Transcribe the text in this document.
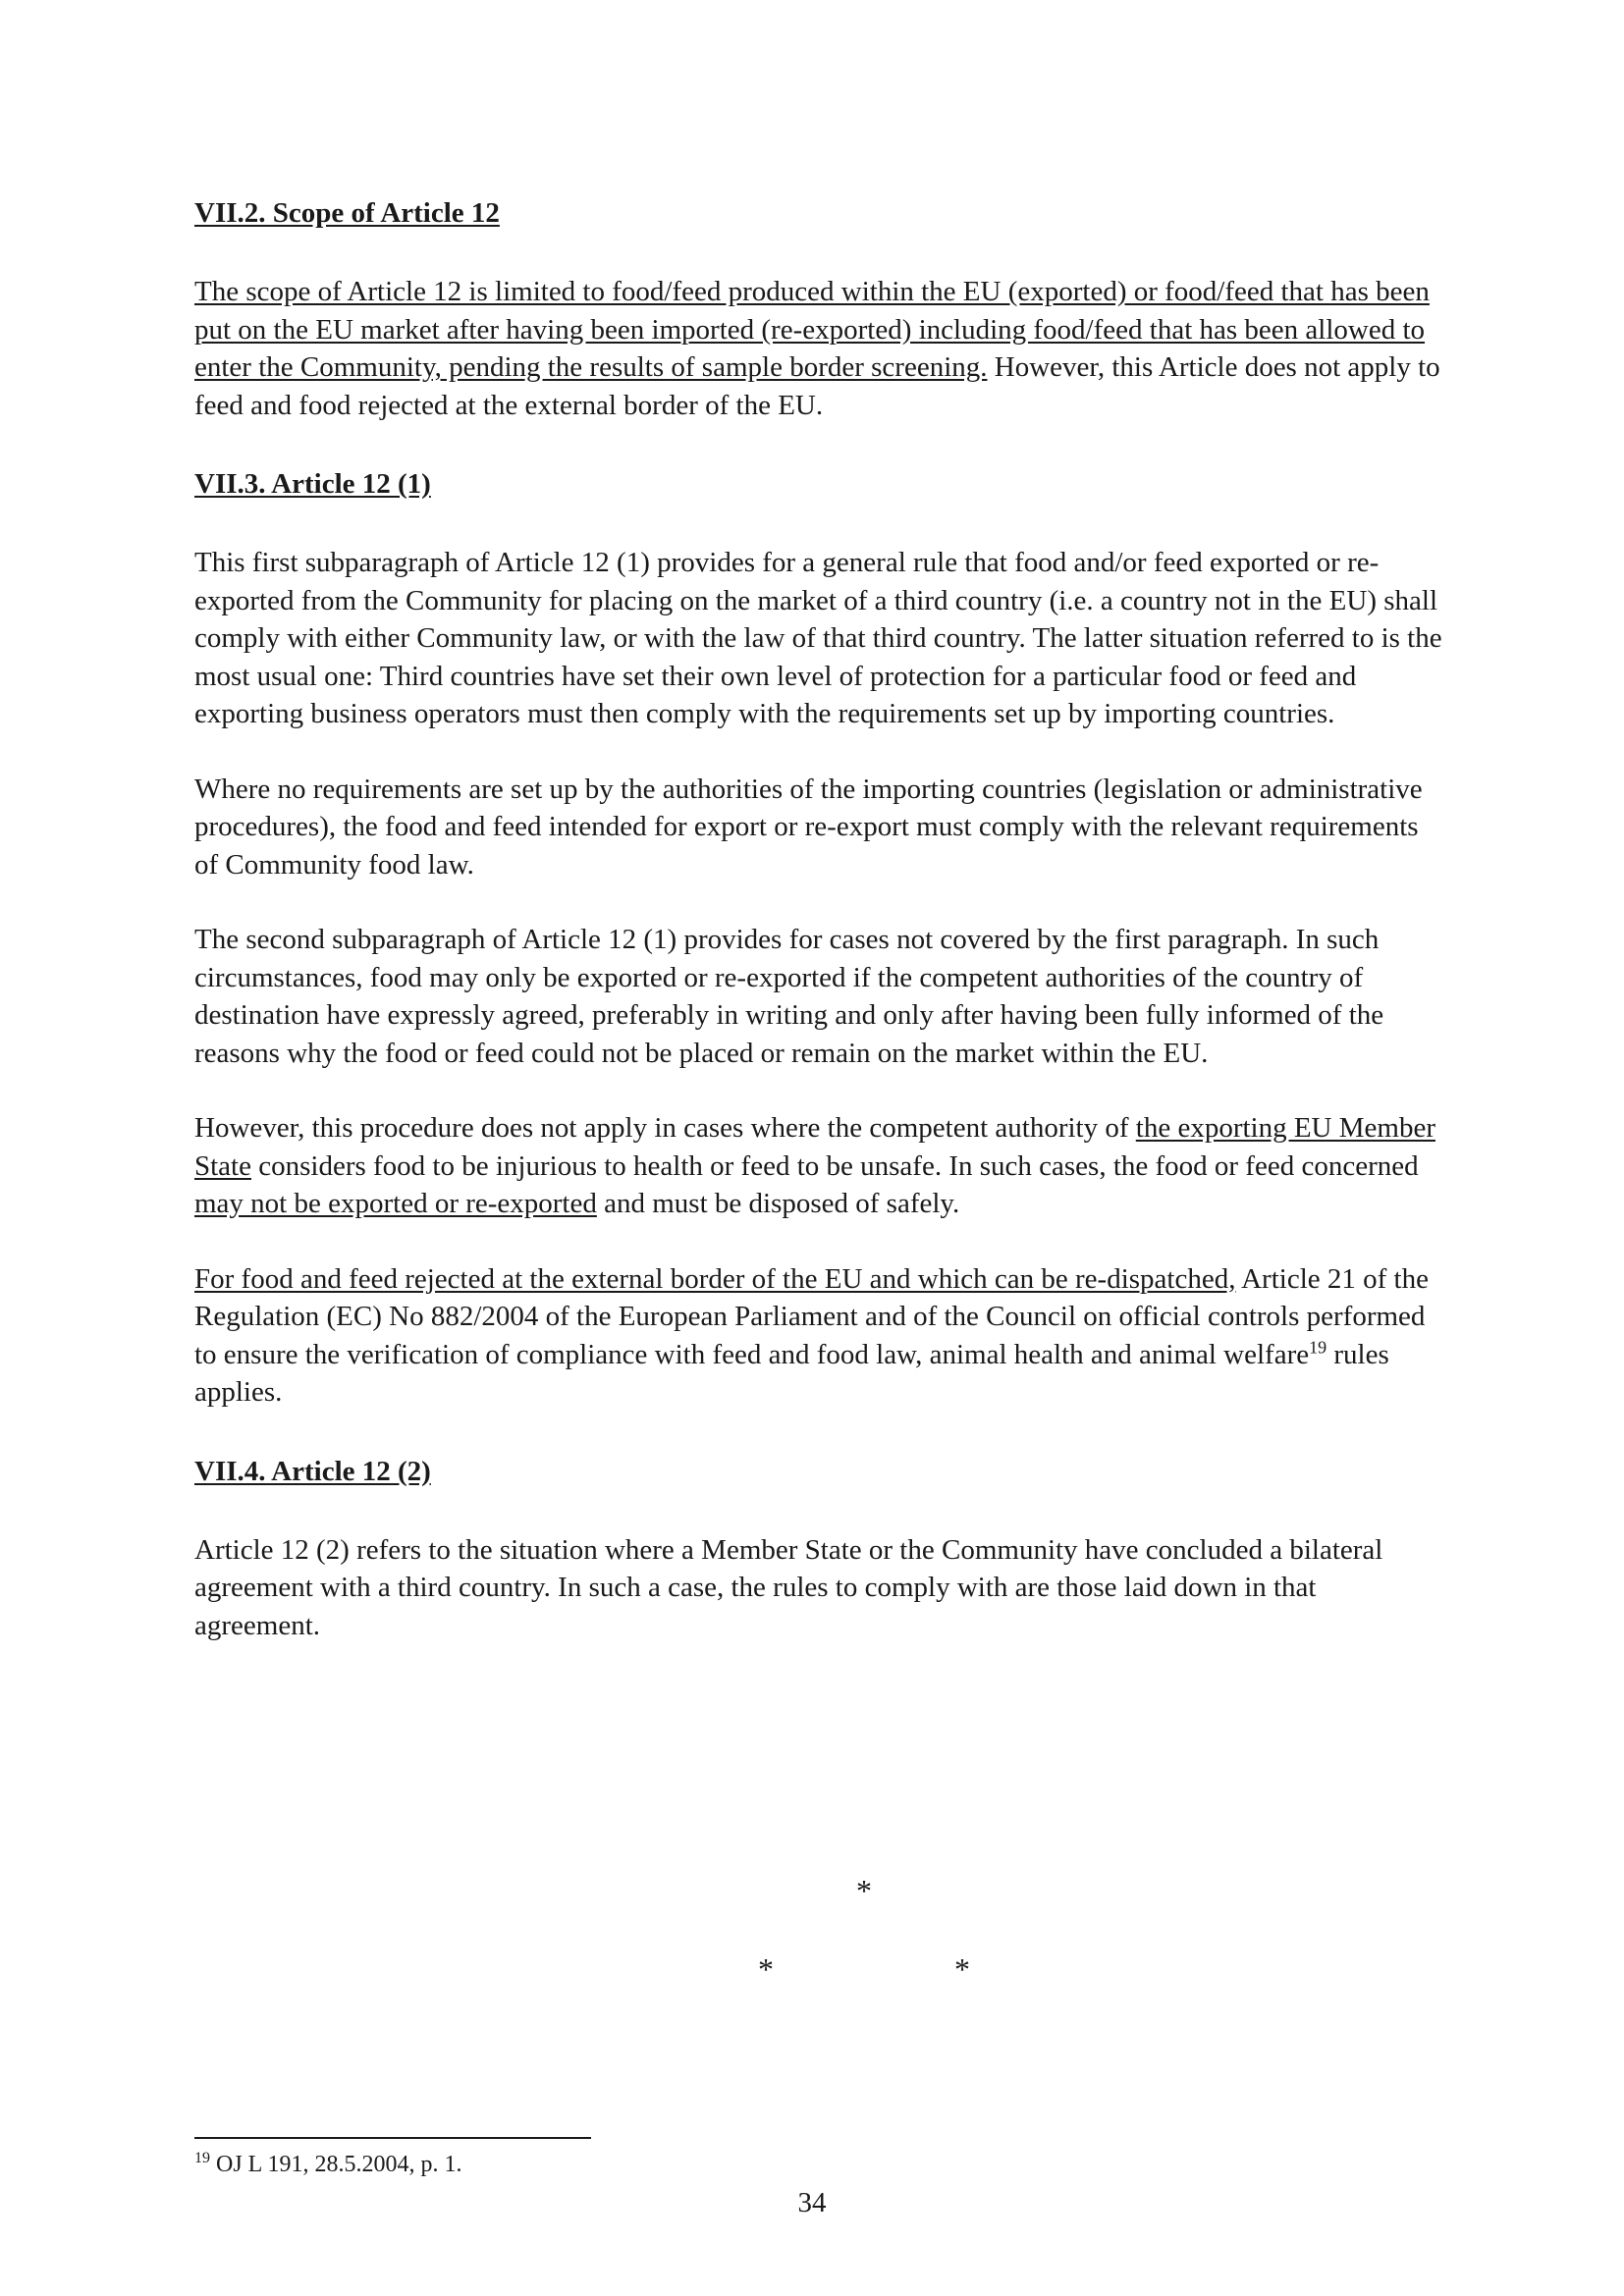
VII.2. Scope of Article 12

The scope of Article 12 is limited to food/feed produced within the EU (exported) or food/feed that has been put on the EU market after having been imported (re-exported) including food/feed that has been allowed to enter the Community, pending the results of sample border screening. However, this Article does not apply to feed and food rejected at the external border of the EU.

VII.3. Article 12 (1)

This first subparagraph of Article 12 (1) provides for a general rule that food and/or feed exported or re-exported from the Community for placing on the market of a third country (i.e. a country not in the EU) shall comply with either Community law, or with the law of that third country. The latter situation referred to is the most usual one: Third countries have set their own level of protection for a particular food or feed and exporting business operators must then comply with the requirements set up by importing countries.

Where no requirements are set up by the authorities of the importing countries (legislation or administrative procedures), the food and feed intended for export or re-export must comply with the relevant requirements of Community food law.

The second subparagraph of Article 12 (1) provides for cases not covered by the first paragraph. In such circumstances, food may only be exported or re-exported if the competent authorities of the country of destination have expressly agreed, preferably in writing and only after having been fully informed of the reasons why the food or feed could not be placed or remain on the market within the EU.

However, this procedure does not apply in cases where the competent authority of the exporting EU Member State considers food to be injurious to health or feed to be unsafe. In such cases, the food or feed concerned may not be exported or re-exported and must be disposed of safely.

For food and feed rejected at the external border of the EU and which can be re-dispatched, Article 21 of the Regulation (EC) No 882/2004 of the European Parliament and of the Council on official controls performed to ensure the verification of compliance with feed and food law, animal health and animal welfare$^{19}$ rules applies.

VII.4. Article 12 (2)

Article 12 (2) refers to the situation where a Member State or the Community have concluded a bilateral agreement with a third country. In such a case, the rules to comply with are those laid down in that agreement.

*
*	*
$^{19}$ OJ L 191, 28.5.2004, p. 1.
34
